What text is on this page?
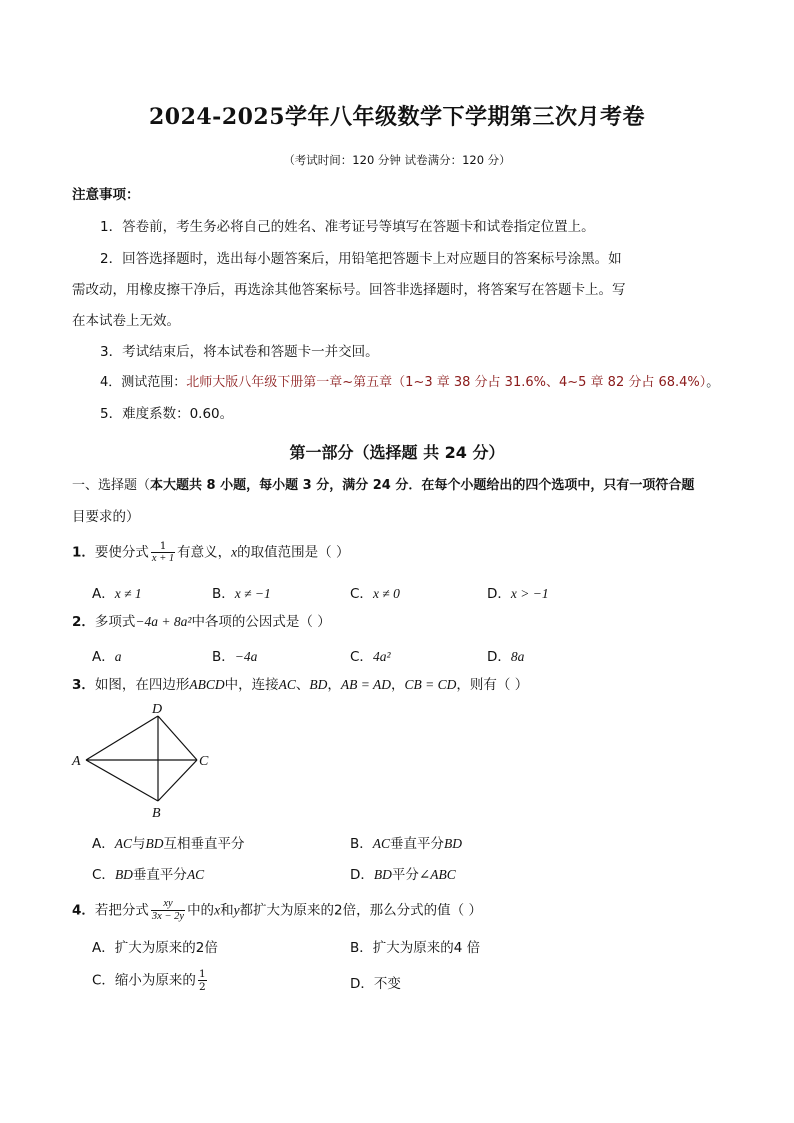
2024-2025学年八年级数学下学期第三次月考卷
（考试时间：120 分钟 试卷满分：120 分）
注意事项：
1．答卷前，考生务必将自己的姓名、准考证号等填写在答题卡和试卷指定位置上。
2．回答选择题时，选出每小题答案后，用铅笔把答题卡上对应题目的答案标号涂黑。如
需改动，用橡皮擦干净后，再选涂其他答案标号。回答非选择题时，将答案写在答题卡上。写
在本试卷上无效。
3．考试结束后，将本试卷和答题卡一并交回。
4．测试范围：北师大版八年级下册第一章~第五章（1~3 章 38 分占 31.6%、4~5 章 82 分占 68.4%）。
5．难度系数：0.60。
第一部分（选择题 共 24 分）
一、选择题（本大题共 8 小题，每小题 3 分，满分 24 分．在每个小题给出的四个选项中，只有一项符合题
目要求的）
1．要使分式 $\frac{1}{x + 1}$ 有意义，x的取值范围是（ ）
A．x ≠ 1	B．x ≠ −1	C．x ≠ 0	D．x > −1
2．多项式−4a + 8a²中各项的公因式是（ ）
A．a	B．−4a	C．4a²	D．8a
3．如图，在四边形ABCD中，连接AC、BD，AB = AD，CB = CD，则有（ ）
A
D
C
B
A．AC与BD互相垂直平分	B．AC垂直平分BD
C．BD垂直平分AC	D．BD平分∠ABC
4．若把分式 $\frac{xy}{3x - 2y}$ 中的x和y都扩大为原来的2倍，那么分式的值（ ）
A．扩大为原来的2倍	B．扩大为原来的4 倍
C．缩小为原来的 $\frac{1}{2}$	D．不变
